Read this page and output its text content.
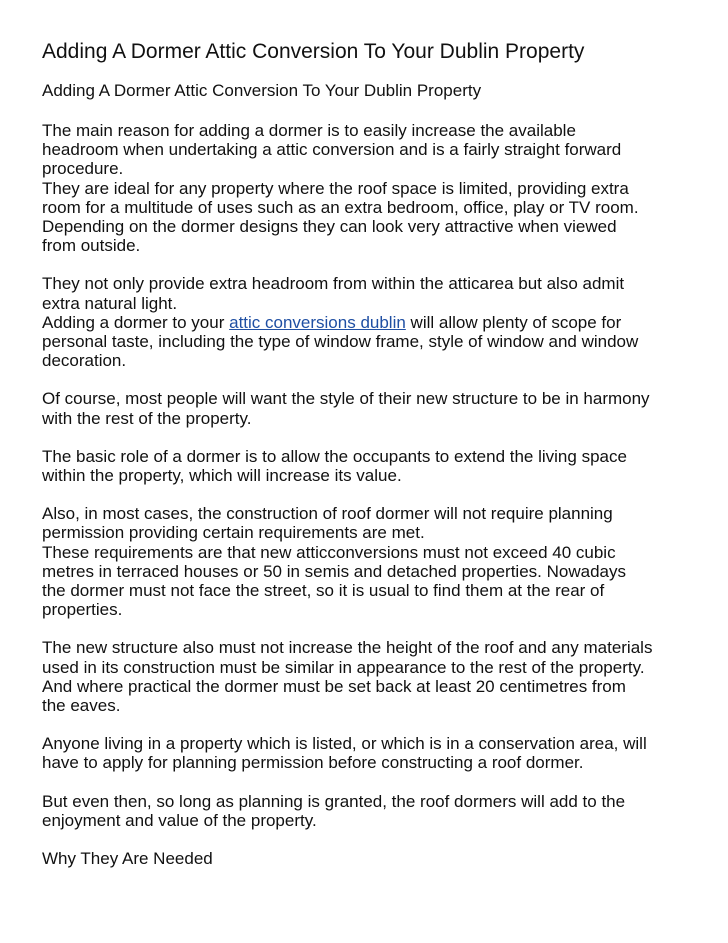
Adding A Dormer Attic Conversion To Your Dublin Property
Adding A Dormer Attic Conversion To Your Dublin Property

The main reason for adding a dormer is to easily increase the available
headroom when undertaking a attic conversion and is a fairly straight forward
procedure.
They are ideal for any property where the roof space is limited, providing extra
room for a multitude of uses such as an extra bedroom, office, play or TV room.
Depending on the dormer designs they can look very attractive when viewed
from outside.

They not only provide extra headroom from within the atticarea but also admit
extra natural light.
Adding a dormer to your attic conversions dublin will allow plenty of scope for
personal taste, including the type of window frame, style of window and window
decoration.

Of course, most people will want the style of their new structure to be in harmony
with the rest of the property.

The basic role of a dormer is to allow the occupants to extend the living space
within the property, which will increase its value.

Also, in most cases, the construction of roof dormer will not require planning
permission providing certain requirements are met.
These requirements are that new atticconversions must not exceed 40 cubic
metres in terraced houses or 50 in semis and detached properties. Nowadays
the dormer must not face the street, so it is usual to find them at the rear of
properties.

The new structure also must not increase the height of the roof and any materials
used in its construction must be similar in appearance to the rest of the property.
And where practical the dormer must be set back at least 20 centimetres from
the eaves.

Anyone living in a property which is listed, or which is in a conservation area, will
have to apply for planning permission before constructing a roof dormer.

But even then, so long as planning is granted, the roof dormers will add to the
enjoyment and value of the property.

Why They Are Needed
